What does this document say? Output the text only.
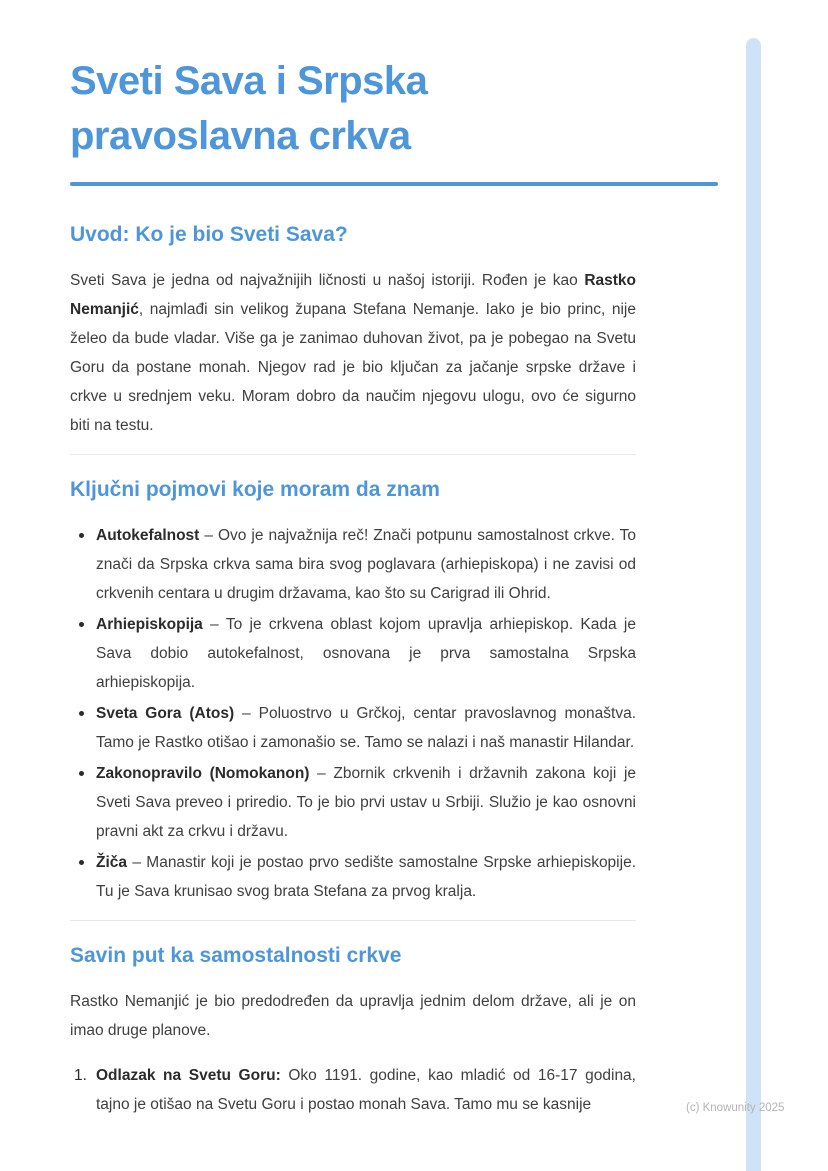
Sveti Sava i Srpska pravoslavna crkva
Uvod: Ko je bio Sveti Sava?

Sveti Sava je jedna od najvažnijih ličnosti u našoj istoriji. Rođen je kao Rastko Nemanjić, najmlađi sin velikog župana Stefana Nemanje. Iako je bio princ, nije želeo da bude vladar. Više ga je zanimao duhovan život, pa je pobegao na Svetu Goru da postane monah. Njegov rad je bio ključan za jačanje srpske države i crkve u srednjem veku. Moram dobro da naučim njegovu ulogu, ovo će sigurno biti na testu.

Ključni pojmovi koje moram da znam
Autokefalnost – Ovo je najvažnija reč! Znači potpunu samostalnost crkve. To znači da Srpska crkva sama bira svog poglavara (arhiepiskopa) i ne zavisi od crkvenih centara u drugim državama, kao što su Carigrad ili Ohrid.
Arhiepiskopija – To je crkvena oblast kojom upravlja arhiepiskop. Kada je Sava dobio autokefalnost, osnovana je prva samostalna Srpska arhiepiskopija.
Sveta Gora (Atos) – Poluostrvo u Grčkoj, centar pravoslavnog monaštva. Tamo je Rastko otišao i zamonašio se. Tamo se nalazi i naš manastir Hilandar.
Zakonopravilo (Nomokanon) – Zbornik crkvenih i državnih zakona koji je Sveti Sava preveo i priredio. To je bio prvi ustav u Srbiji. Služio je kao osnovni pravni akt za crkvu i državu.
Žiča – Manastir koji je postao prvo sedište samostalne Srpske arhiepiskopije. Tu je Sava krunisao svog brata Stefana za prvog kralja.
Savin put ka samostalnosti crkve

Rastko Nemanjić je bio predodređen da upravlja jednim delom države, ali je on imao druge planove.

1. Odlazak na Svetu Goru: Oko 1191. godine, kao mladić od 16-17 godina, tajno je otišao na Svetu Goru i postao monah Sava. Tamo mu se kasnije	(c) Knowunity 2025
